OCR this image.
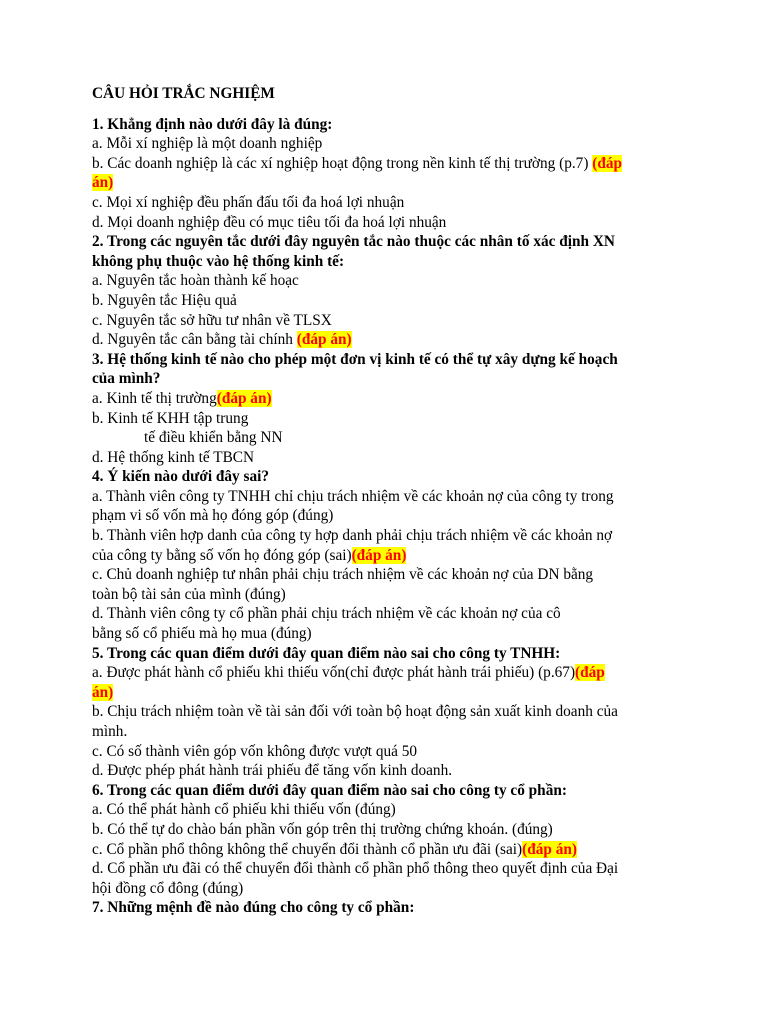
CÂU HỎI TRẮC NGHIỆM
1. Khẳng định nào dưới đây là đúng:
a. Mỗi xí nghiệp là một doanh nghiệp
b. Các doanh nghiệp là các xí nghiệp hoạt động trong nền kinh tế thị trường (p.7) (đáp
án)
c. Mọi xí nghiệp đều phấn đấu tối đa hoá lợi nhuận
d. Mọi doanh nghiệp đều có mục tiêu tối đa hoá lợi nhuận
2. Trong các nguyên tắc dưới đây nguyên tắc nào thuộc các nhân tố xác định XN
không phụ thuộc vào hệ thống kinh tế:
a. Nguyên tắc hoàn thành kế hoạc
b. Nguyên tắc Hiệu quả
c. Nguyên tắc sở hữu tư nhân về TLSX
d. Nguyên tắc cân bằng tài chính (đáp án)
3. Hệ thống kinh tế nào cho phép một đơn vị kinh tế có thể tự xây dựng kế hoạch
của mình?
a. Kinh tế thị trường(đáp án)
b. Kinh tế KHH tập trung
tế điều khiển bằng NN
d. Hệ thống kinh tế TBCN
4. Ý kiến nào dưới đây sai?
a. Thành viên công ty TNHH chỉ chịu trách nhiệm về các khoản nợ của công ty trong
phạm vi số vốn mà họ đóng góp (đúng)
b. Thành viên hợp danh của công ty hợp danh phải chịu trách nhiệm về các khoản nợ
của công ty bằng số vốn họ đóng góp (sai)(đáp án)
c. Chủ doanh nghiệp tư nhân phải chịu trách nhiệm về các khoản nợ của DN bằng
toàn bộ tài sản của mình (đúng)
d. Thành viên công ty cổ phần phải chịu trách nhiệm về các khoản nợ của cô
bằng số cổ phiếu mà họ mua (đúng)
5. Trong các quan điểm dưới đây quan điểm nào sai cho công ty TNHH:
a. Được phát hành cổ phiếu khi thiếu vốn(chỉ được phát hành trái phiếu) (p.67)(đáp
án)
b. Chịu trách nhiệm toàn về tài sản đối với toàn bộ hoạt động sản xuất kinh doanh của
mình.
c. Có số thành viên góp vốn không được vượt quá 50
d. Được phép phát hành trái phiếu để tăng vốn kinh doanh.
6. Trong các quan điểm dưới đây quan điểm nào sai cho công ty cổ phần:
a. Có thể phát hành cổ phiếu khi thiếu vốn (đúng)
b. Có thể tự do chào bán phần vốn góp trên thị trường chứng khoán. (đúng)
c. Cổ phần phổ thông không thể chuyển đổi thành cổ phần ưu đãi (sai)(đáp án)
d. Cổ phần ưu đãi có thể chuyển đổi thành cổ phần phổ thông theo quyết định của Đại
hội đồng cổ đông (đúng)
7. Những mệnh đề nào đúng cho công ty cổ phần:
